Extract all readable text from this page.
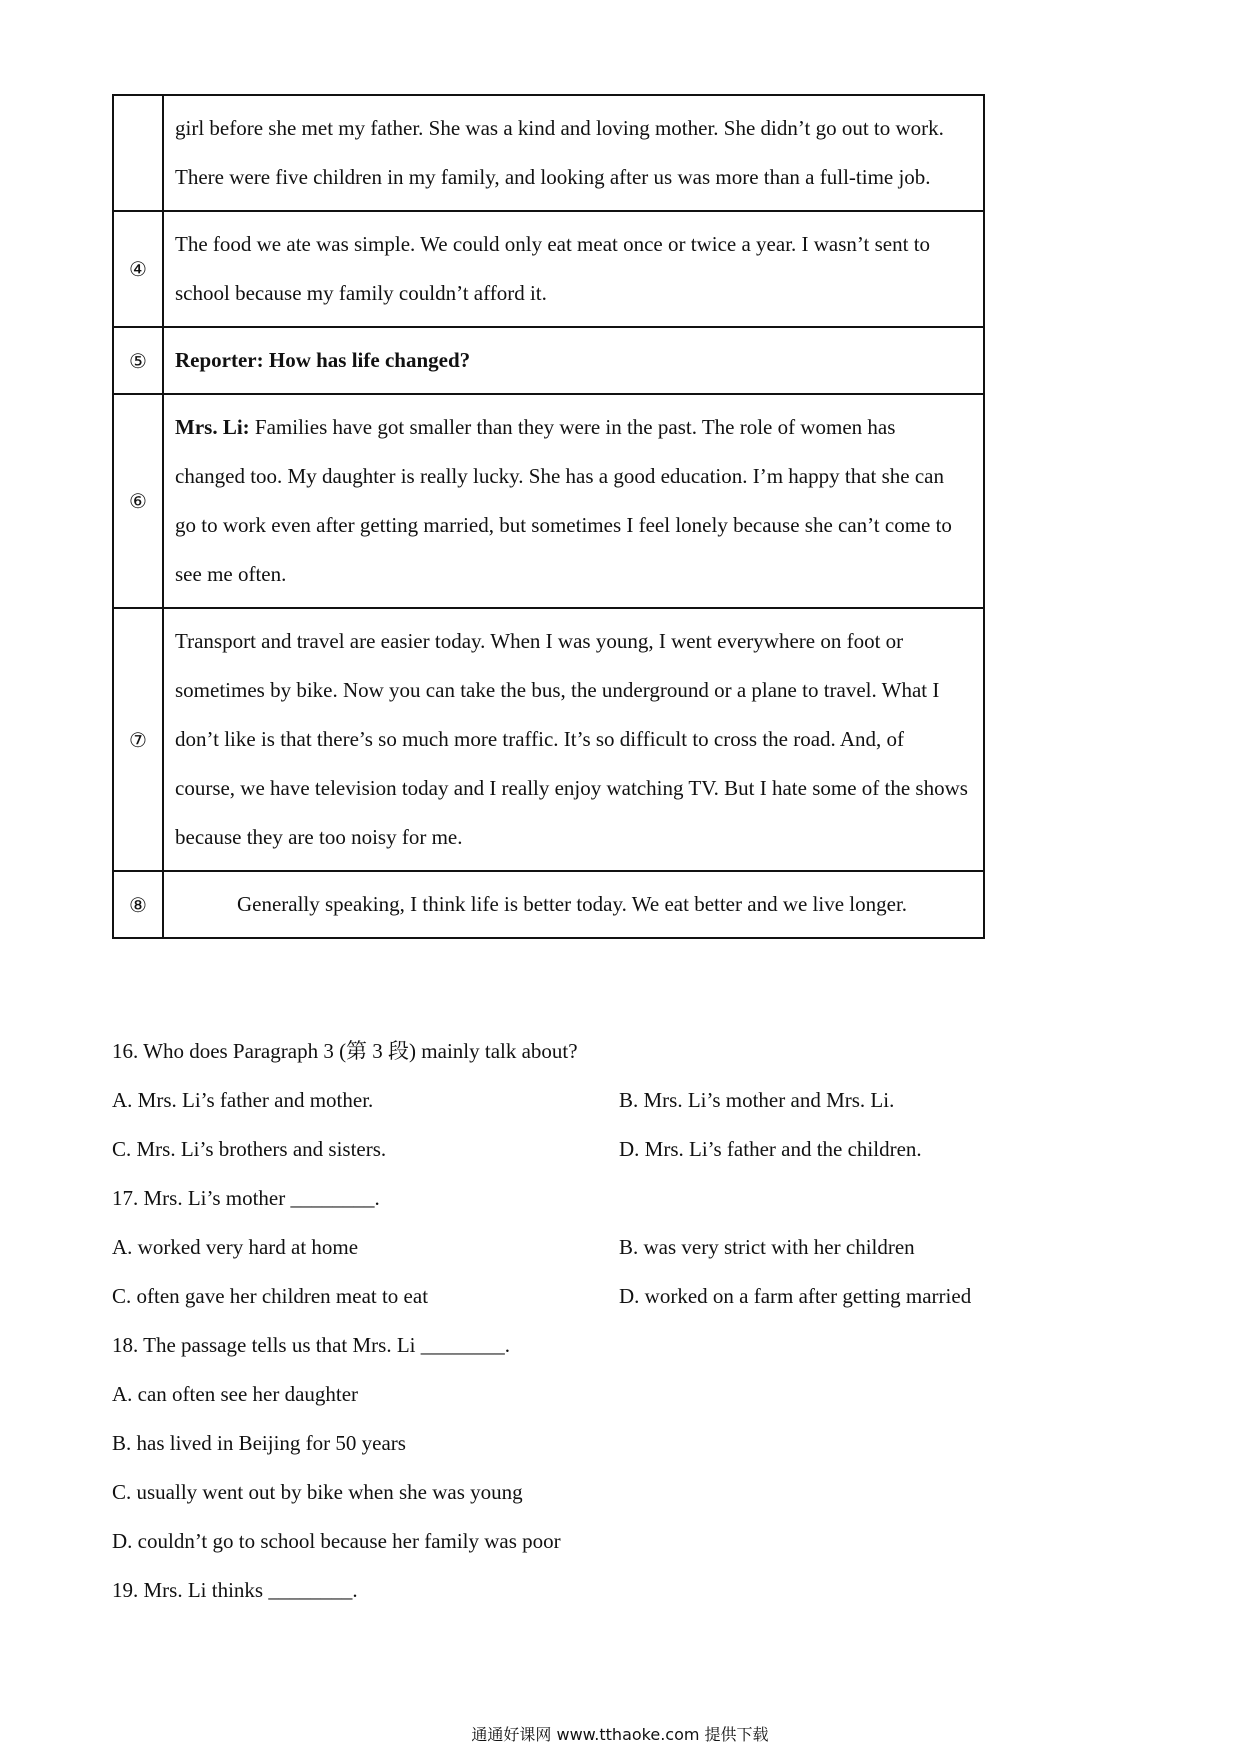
	girl before she met my father. She was a kind and loving mother. She didn’t go out to work. There were five children in my family, and looking after us was more than a full-time job.
④	The food we ate was simple. We could only eat meat once or twice a year. I wasn’t sent to school because my family couldn’t afford it.
⑤	Reporter: How has life changed?
⑥	Mrs. Li: Families have got smaller than they were in the past. The role of women has changed too. My daughter is really lucky. She has a good education. I’m happy that she can go to work even after getting married, but sometimes I feel lonely because she can’t come to see me often.
⑦	Transport and travel are easier today. When I was young, I went everywhere on foot or sometimes by bike. Now you can take the bus, the underground or a plane to travel. What I don’t like is that there’s so much more traffic. It’s so difficult to cross the road. And, of course, we have television today and I really enjoy watching TV. But I hate some of the shows because they are too noisy for me.
⑧	Generally speaking, I think life is better today. We eat better and we live longer.
16. Who does Paragraph 3 (第 3 段) mainly talk about?
A. Mrs. Li’s father and mother.	B. Mrs. Li’s mother and Mrs. Li.
C. Mrs. Li’s brothers and sisters.	D. Mrs. Li’s father and the children.
17. Mrs. Li’s mother ________.
A. worked very hard at home	B. was very strict with her children
C. often gave her children meat to eat	D. worked on a farm after getting married
18. The passage tells us that Mrs. Li ________.
A. can often see her daughter
B. has lived in Beijing for 50 years
C. usually went out by bike when she was young
D. couldn’t go to school because her family was poor
19. Mrs. Li thinks ________.
通通好课网 www.tthaoke.com 提供下载
